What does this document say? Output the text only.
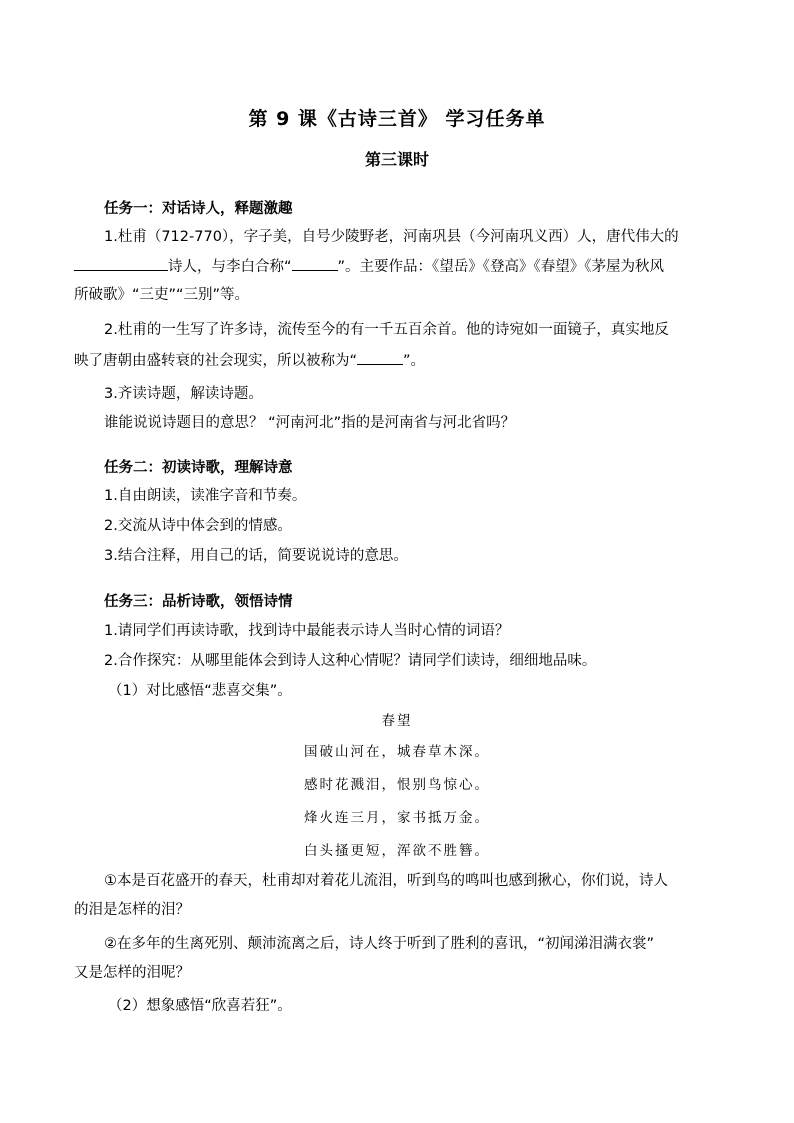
第 9 课《古诗三首》 学习任务单
第三课时
任务一：对话诗人，释题激趣
1.杜甫（712-770），字子美，自号少陵野老，河南巩县（今河南巩义西）人，唐代伟大的
诗人，与李白合称“	”。主要作品：《望岳》《登高》《春望》《茅屋为秋风
所破歌》“三吏”“三别”等。
2.杜甫的一生写了许多诗，流传至今的有一千五百余首。他的诗宛如一面镜子，真实地反
映了唐朝由盛转衰的社会现实，所以被称为“	”。
3.齐读诗题，解读诗题。
谁能说说诗题目的意思？ “河南河北”指的是河南省与河北省吗？
任务二：初读诗歌，理解诗意
1.自由朗读，读准字音和节奏。
2.交流从诗中体会到的情感。
3.结合注释，用自己的话，简要说说诗的意思。
任务三：品析诗歌，领悟诗情
1.请同学们再读诗歌，找到诗中最能表示诗人当时心情的词语？
2.合作探究：从哪里能体会到诗人这种心情呢？请同学们读诗，细细地品味。
（1）对比感悟“悲喜交集”。
春望
国破山河在，城春草木深。
感时花溅泪，恨别鸟惊心。
烽火连三月，家书抵万金。
白头搔更短，浑欲不胜簪。
①本是百花盛开的春天，杜甫却对着花儿流泪，听到鸟的鸣叫也感到揪心，你们说，诗人
的泪是怎样的泪？
②在多年的生离死别、颠沛流离之后，诗人终于听到了胜利的喜讯，“初闻涕泪满衣裳”
又是怎样的泪呢？
（2）想象感悟“欣喜若狂”。
